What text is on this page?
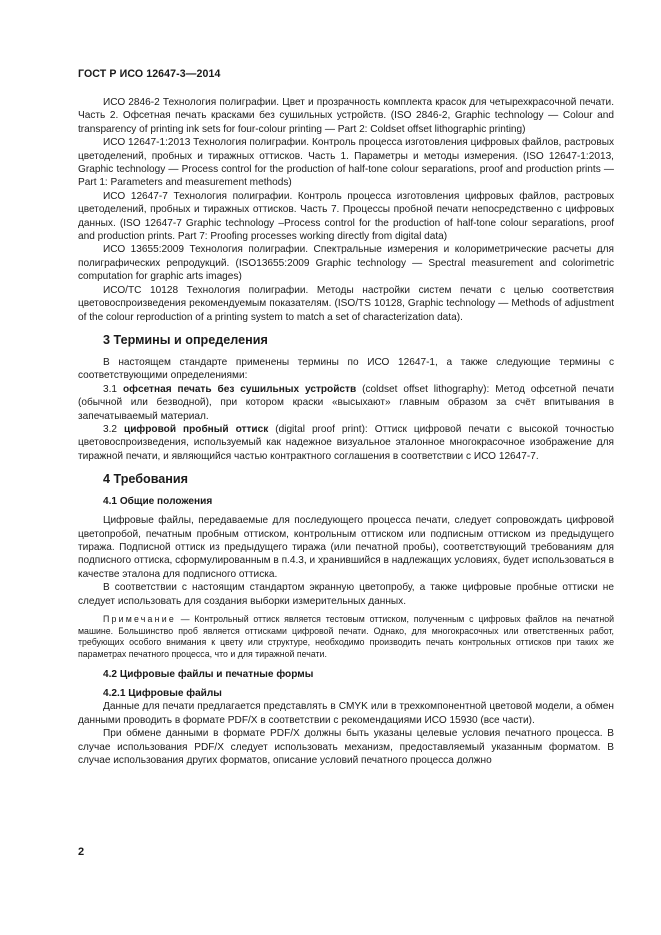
ГОСТ Р ИСО 12647-3—2014

ИСО 2846-2 Технология полиграфии. Цвет и прозрачность комплекта красок для четырехкрасочной печати. Часть 2. Офсетная печать красками без сушильных устройств. (ISO 2846-2, Graphic technology — Colour and transparency of printing ink sets for four-colour printing — Part 2: Coldset offset lithographic printing)

ИСО 12647-1:2013 Технология полиграфии. Контроль процесса изготовления цифровых файлов, растровых цветоделений, пробных и тиражных оттисков. Часть 1. Параметры и методы измерения. (ISO 12647-1:2013, Graphic technology — Process control for the production of half-tone colour separations, proof and production prints — Part 1: Parameters and measurement methods)

ИСО 12647-7 Технология полиграфии. Контроль процесса изготовления цифровых файлов, растровых цветоделений, пробных и тиражных оттисков. Часть 7. Процессы пробной печати непосредственно с цифровых данных. (ISO 12647-7 Graphic technology –Process control for the production of half-tone colour separations, proof and production prints. Part 7: Proofing processes working directly from digital data)

ИСО 13655:2009 Технология полиграфии. Спектральные измерения и колориметрические расчеты для полиграфических репродукций. (ISO13655:2009 Graphic technology — Spectral measurement and colorimetric computation for graphic arts images)

ИСО/ТС 10128 Технология полиграфии. Методы настройки систем печати с целью соответствия цветовоспроизведения рекомендуемым показателям. (ISO/TS 10128, Graphic technology — Methods of adjustment of the colour reproduction of a printing system to match a set of characterization data).

3 Термины и определения

В настоящем стандарте применены термины по ИСО 12647-1, а также следующие термины с соответствующими определениями:

3.1 офсетная печать без сушильных устройств (coldset offset lithography): Метод офсетной печати (обычной или безводной), при котором краски «высыхают» главным образом за счёт впитывания в запечатываемый материал.

3.2 цифровой пробный оттиск (digital proof print): Оттиск цифровой печати с высокой точностью цветовоспроизведения, используемый как надежное визуальное эталонное многокрасочное изображение для тиражной печати, и являющийся частью контрактного соглашения в соответствии с ИСО 12647-7.

4 Требования
4.1 Общие положения

Цифровые файлы, передаваемые для последующего процесса печати, следует сопровождать цифровой цветопробой, печатным пробным оттиском, контрольным оттиском или подписным оттиском из предыдущего тиража. Подписной оттиск из предыдущего тиража (или печатной пробы), соответствующий требованиям для подписного оттиска, сформулированным в п.4.3, и хранившийся в надлежащих условиях, будет использоваться в качестве эталона для подписного оттиска.

В соответствии с настоящим стандартом экранную цветопробу, а также цифровые пробные оттиски не следует использовать для создания выборки измерительных данных.

Примечание — Контрольный оттиск является тестовым оттиском, полученным с цифровых файлов на печатной машине. Большинство проб является оттисками цифровой печати. Однако, для многокрасочных или ответственных работ, требующих особого внимания к цвету или структуре, необходимо производить печать контрольных оттисков при таких же параметрах печатного процесса, что и для тиражной печати.

4.2 Цифровые файлы и печатные формы
4.2.1 Цифровые файлы

Данные для печати предлагается представлять в CMYK или в трехкомпонентной цветовой модели, а обмен данными проводить в формате PDF/X в соответствии с рекомендациями ИСО 15930 (все части).

При обмене данными в формате PDF/X должны быть указаны целевые условия печатного процесса. В случае использования PDF/X следует использовать механизм, предоставляемый указанным форматом. В случае использования других форматов, описание условий печатного процесса должно

2
